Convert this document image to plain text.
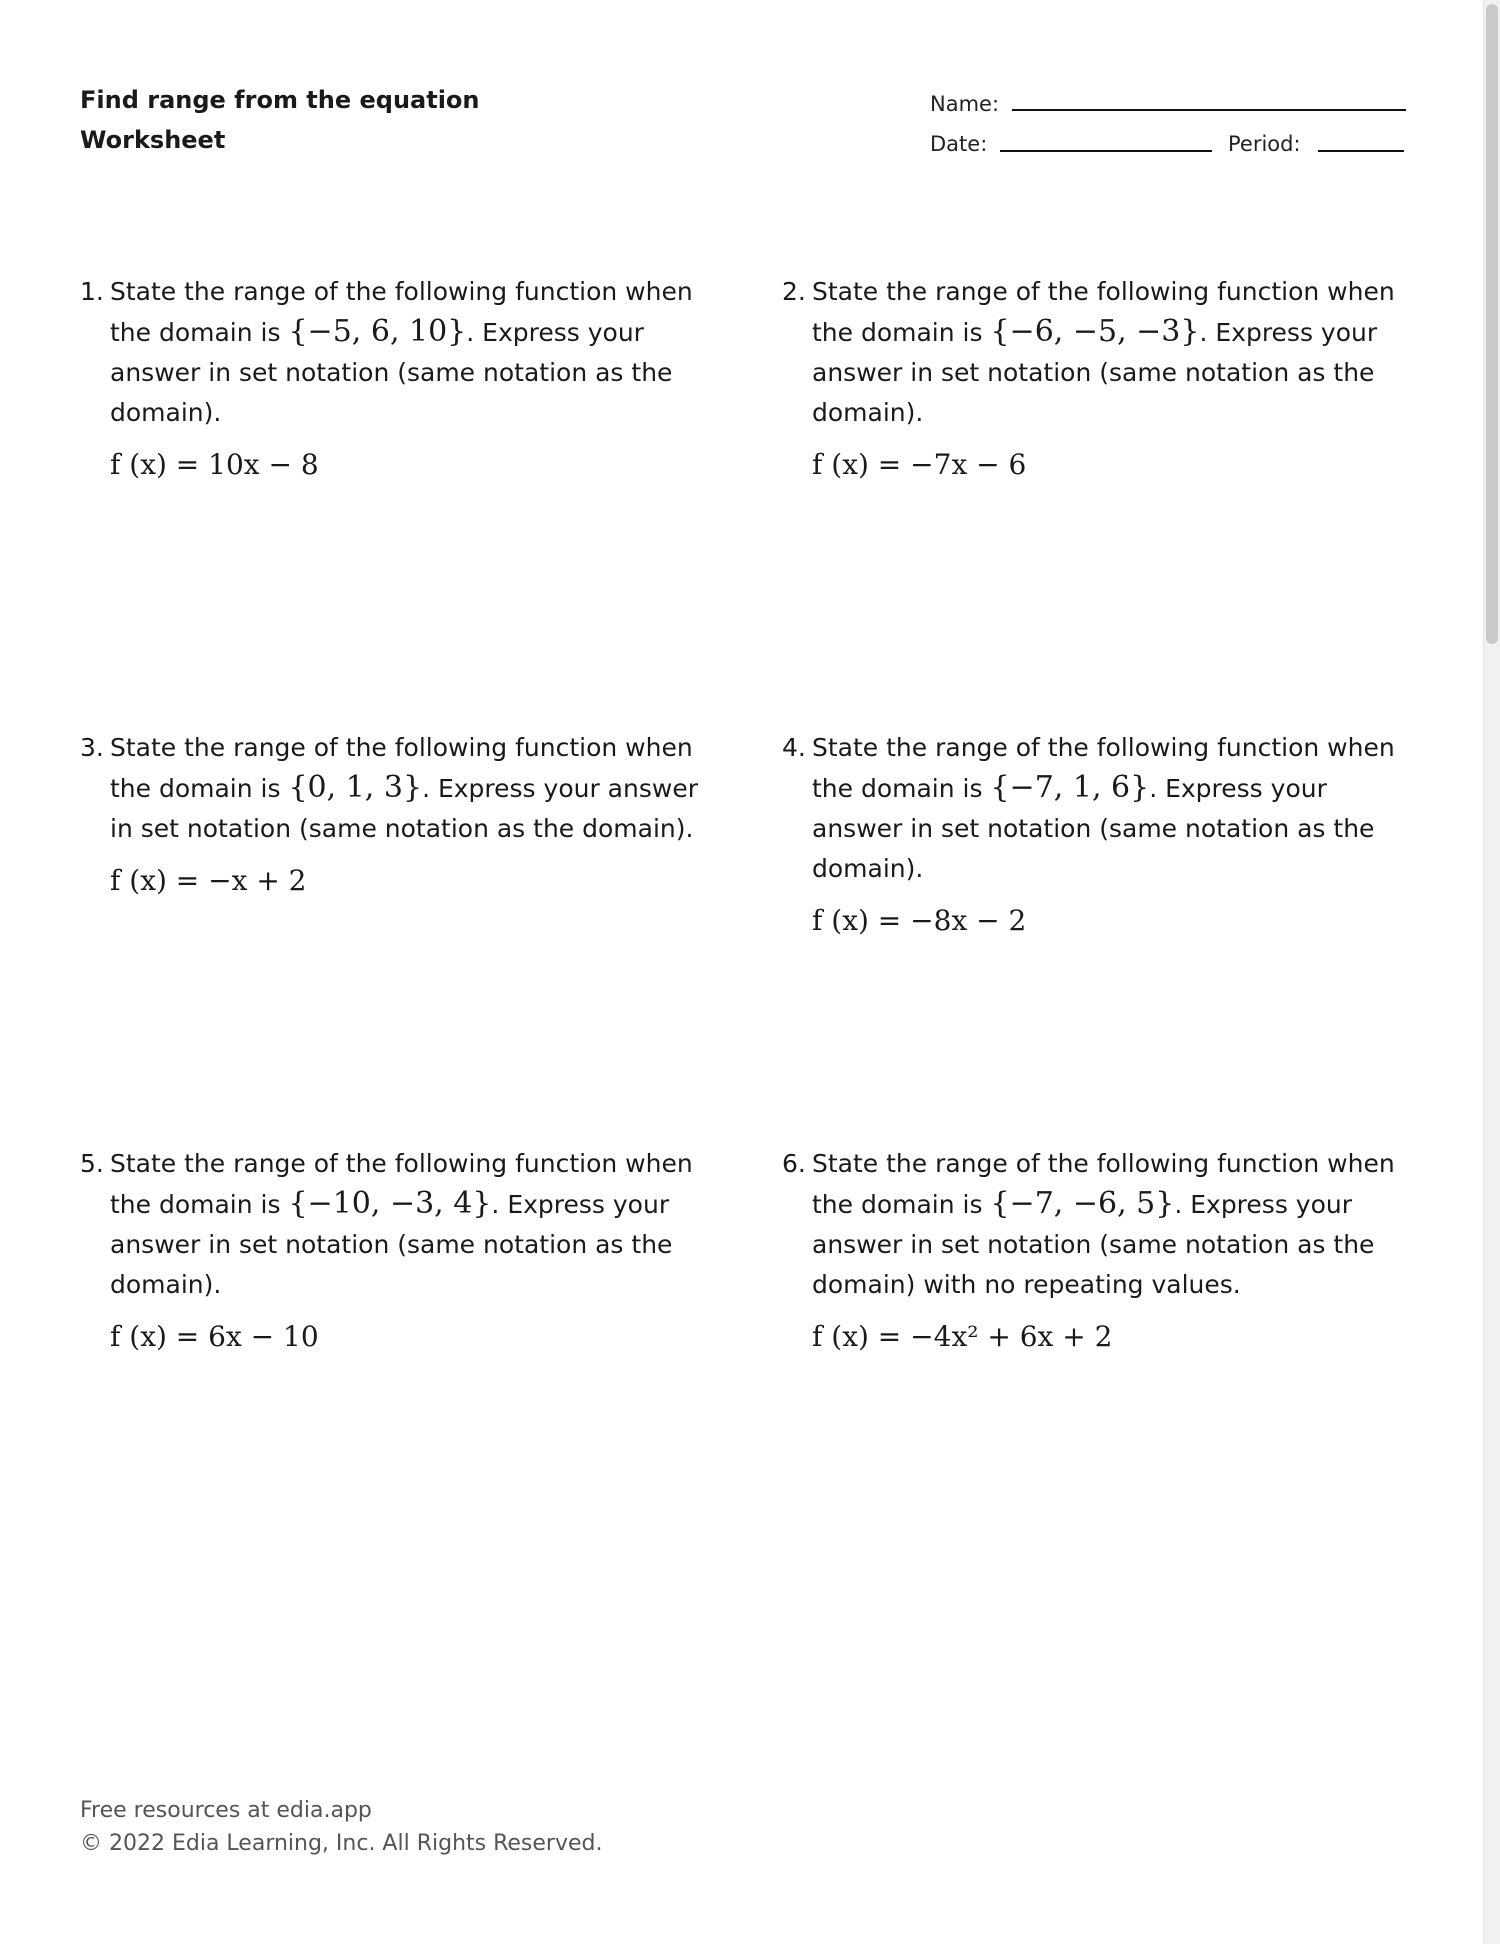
Find range from the equation
Worksheet
Name:
Date:	Period:
1. State the range of the following function when the domain is {−5, 6, 10}. Express your answer in set notation (same notation as the domain).
f (x) = 10x − 8
2. State the range of the following function when the domain is {−6, −5, −3}. Express your answer in set notation (same notation as the domain).
f (x) = −7x − 6
3. State the range of the following function when the domain is {0, 1, 3}. Express your answer in set notation (same notation as the domain).
f (x) = −x + 2
4. State the range of the following function when the domain is {−7, 1, 6}. Express your answer in set notation (same notation as the domain).
f (x) = −8x − 2
5. State the range of the following function when the domain is {−10, −3, 4}. Express your answer in set notation (same notation as the domain).
f (x) = 6x − 10
6. State the range of the following function when the domain is {−7, −6, 5}. Express your answer in set notation (same notation as the domain) with no repeating values.
f (x) = −4x² + 6x + 2
Free resources at edia.app
© 2022 Edia Learning, Inc. All Rights Reserved.
